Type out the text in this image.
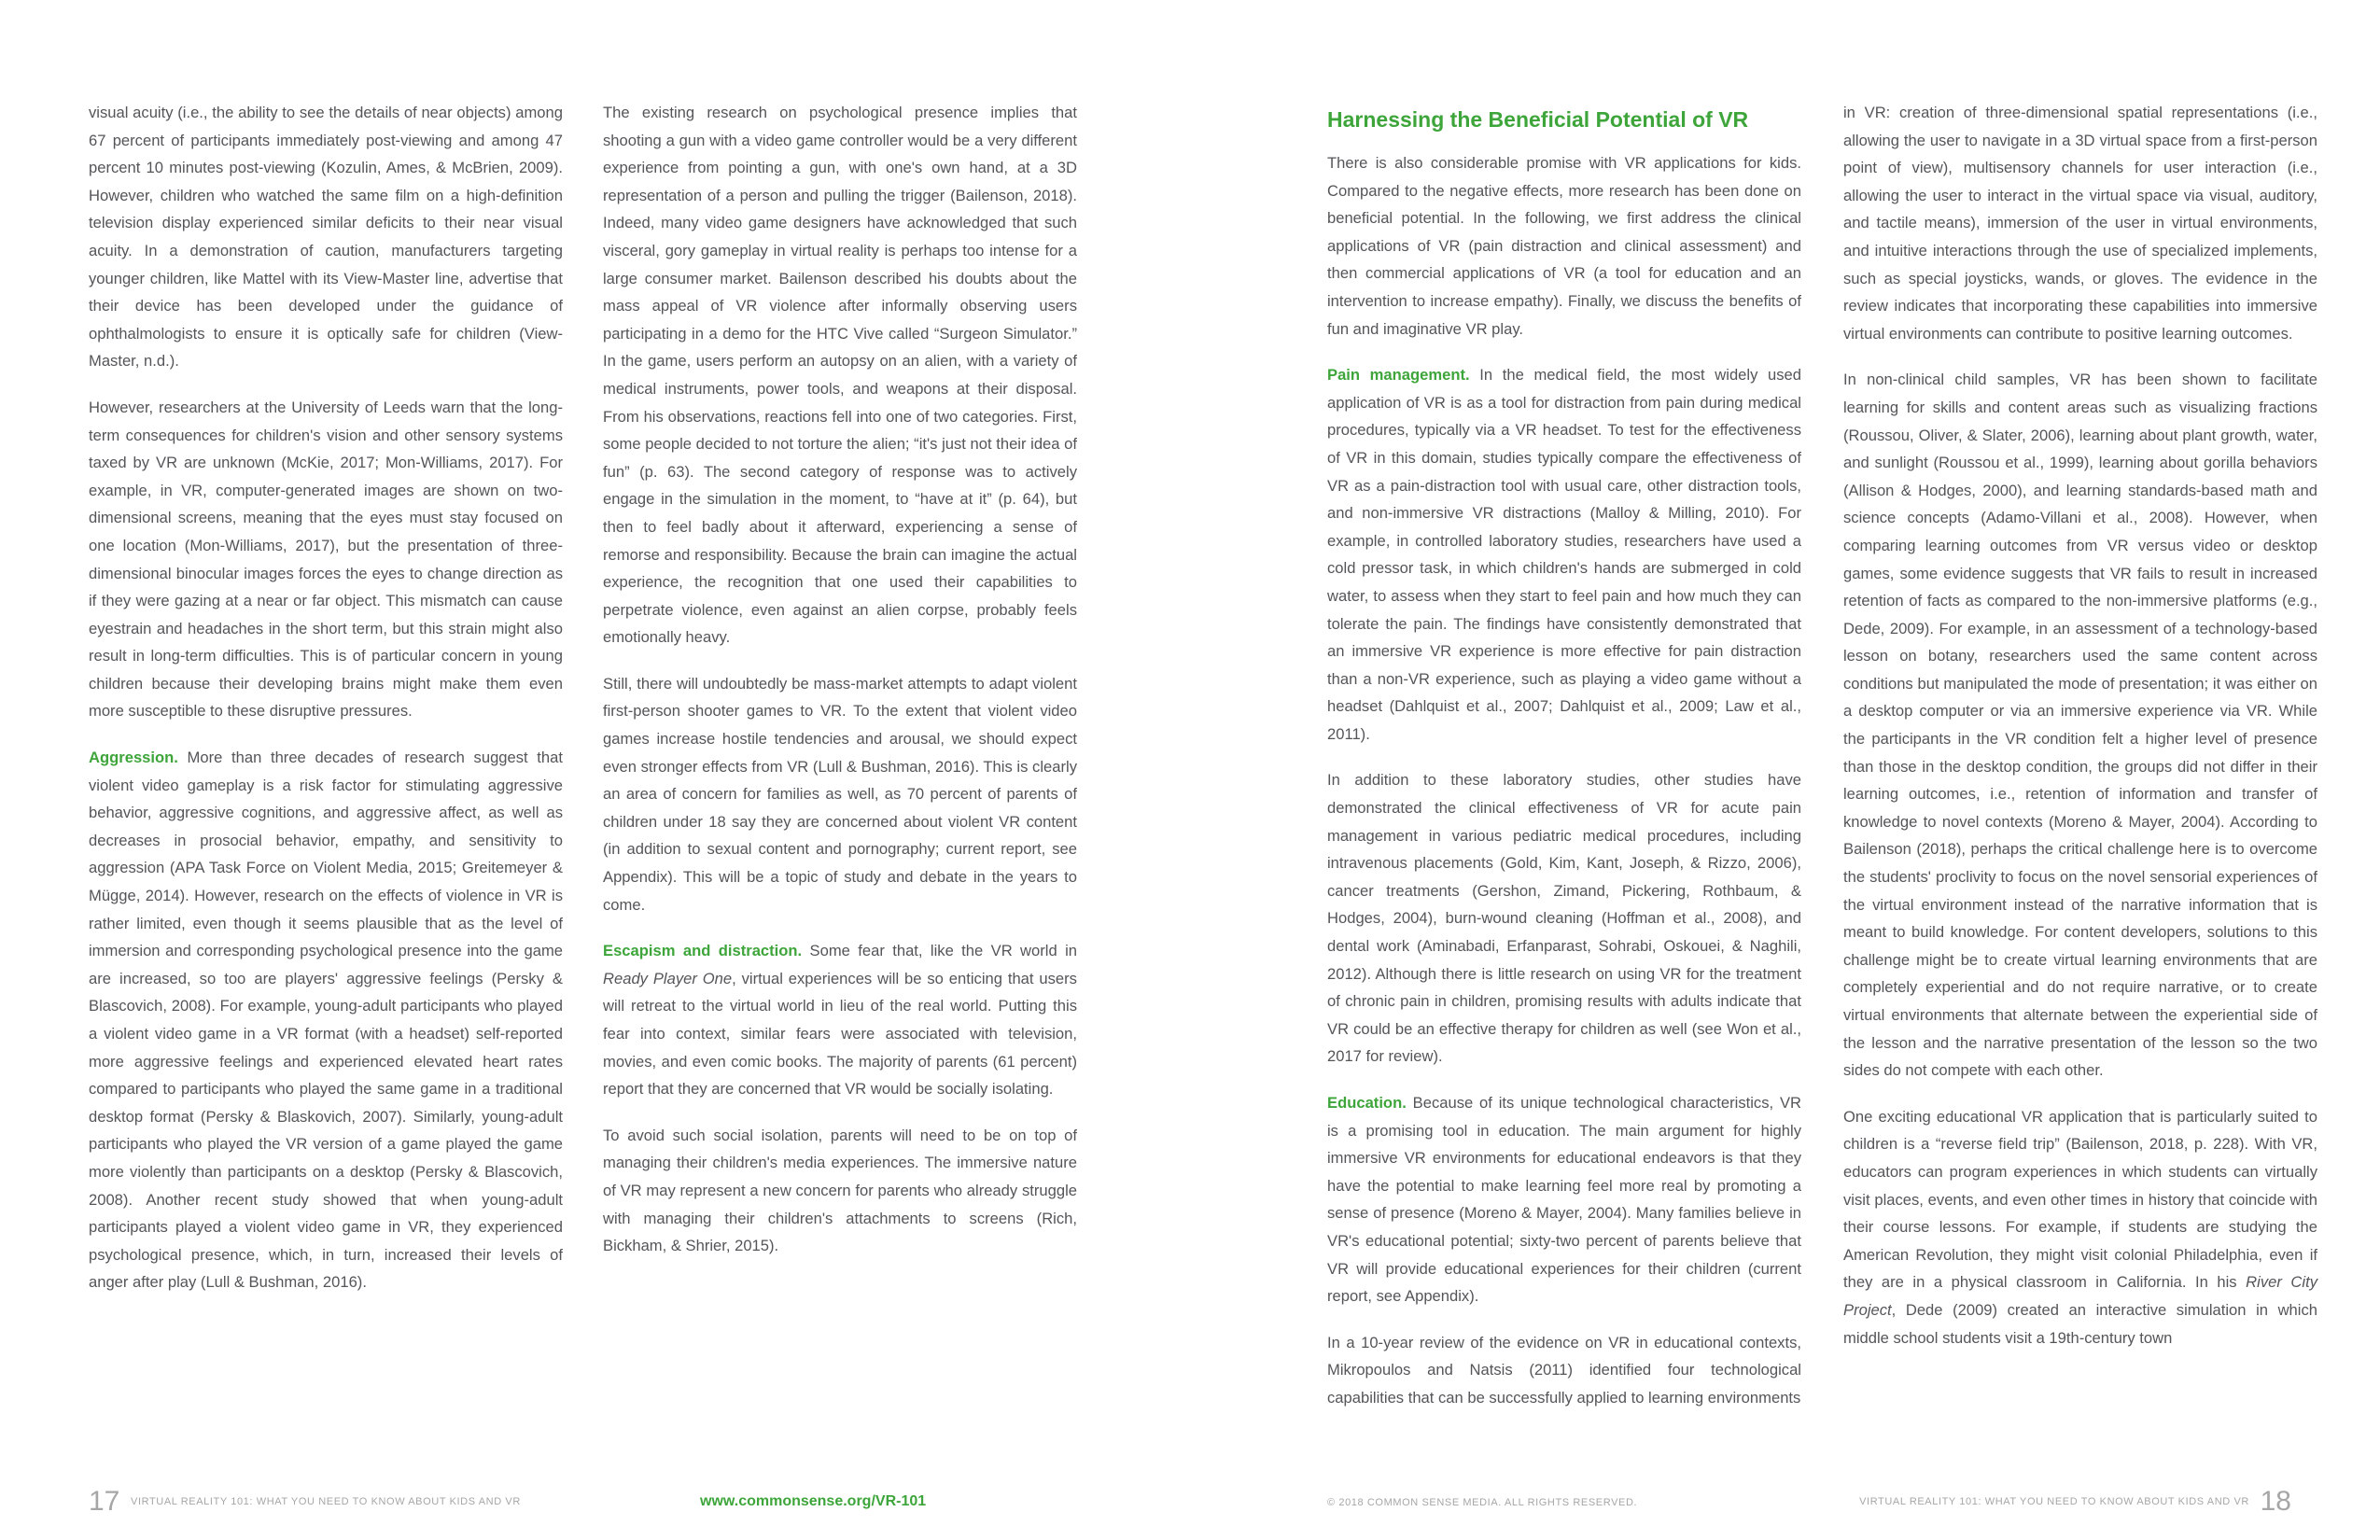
visual acuity (i.e., the ability to see the details of near objects) among 67 percent of participants immediately post-viewing and among 47 percent 10 minutes post-viewing (Kozulin, Ames, & McBrien, 2009). However, children who watched the same film on a high-definition television display experienced similar deficits to their near visual acuity. In a demonstration of caution, manufacturers targeting younger children, like Mattel with its View-Master line, advertise that their device has been developed under the guidance of ophthalmologists to ensure it is optically safe for children (View-Master, n.d.).

However, researchers at the University of Leeds warn that the long-term consequences for children's vision and other sensory systems taxed by VR are unknown (McKie, 2017; Mon-Williams, 2017). For example, in VR, computer-generated images are shown on two-dimensional screens, meaning that the eyes must stay focused on one location (Mon-Williams, 2017), but the presentation of three-dimensional binocular images forces the eyes to change direction as if they were gazing at a near or far object. This mismatch can cause eyestrain and headaches in the short term, but this strain might also result in long-term difficulties. This is of particular concern in young children because their developing brains might make them even more susceptible to these disruptive pressures.

Aggression. More than three decades of research suggest that violent video gameplay is a risk factor for stimulating aggressive behavior, aggressive cognitions, and aggressive affect, as well as decreases in prosocial behavior, empathy, and sensitivity to aggression (APA Task Force on Violent Media, 2015; Greitemeyer & Mügge, 2014). However, research on the effects of violence in VR is rather limited, even though it seems plausible that as the level of immersion and corresponding psychological presence into the game are increased, so too are players' aggressive feelings (Persky & Blascovich, 2008). For example, young-adult participants who played a violent video game in a VR format (with a headset) self-reported more aggressive feelings and experienced elevated heart rates compared to participants who played the same game in a traditional desktop format (Persky & Blaskovich, 2007). Similarly, young-adult participants who played the VR version of a game played the game more violently than participants on a desktop (Persky & Blascovich, 2008). Another recent study showed that when young-adult participants played a violent video game in VR, they experienced psychological presence, which, in turn, increased their levels of anger after play (Lull & Bushman, 2016).

The existing research on psychological presence implies that shooting a gun with a video game controller would be a very different experience from pointing a gun, with one's own hand, at a 3D representation of a person and pulling the trigger (Bailenson, 2018). Indeed, many video game designers have acknowledged that such visceral, gory gameplay in virtual reality is perhaps too intense for a large consumer market. Bailenson described his doubts about the mass appeal of VR violence after informally observing users participating in a demo for the HTC Vive called “Surgeon Simulator.” In the game, users perform an autopsy on an alien, with a variety of medical instruments, power tools, and weapons at their disposal. From his observations, reactions fell into one of two categories. First, some people decided to not torture the alien; “it's just not their idea of fun” (p. 63). The second category of response was to actively engage in the simulation in the moment, to “have at it” (p. 64), but then to feel badly about it afterward, experiencing a sense of remorse and responsibility. Because the brain can imagine the actual experience, the recognition that one used their capabilities to perpetrate violence, even against an alien corpse, probably feels emotionally heavy.

Still, there will undoubtedly be mass-market attempts to adapt violent first-person shooter games to VR. To the extent that violent video games increase hostile tendencies and arousal, we should expect even stronger effects from VR (Lull & Bushman, 2016). This is clearly an area of concern for families as well, as 70 percent of parents of children under 18 say they are concerned about violent VR content (in addition to sexual content and pornography; current report, see Appendix). This will be a topic of study and debate in the years to come.

Escapism and distraction. Some fear that, like the VR world in Ready Player One, virtual experiences will be so enticing that users will retreat to the virtual world in lieu of the real world. Putting this fear into context, similar fears were associated with television, movies, and even comic books. The majority of parents (61 percent) report that they are concerned that VR would be socially isolating.

To avoid such social isolation, parents will need to be on top of managing their children's media experiences. The immersive nature of VR may represent a new concern for parents who already struggle with managing their children's attachments to screens (Rich, Bickham, & Shrier, 2015).

Harnessing the Beneficial Potential of VR

There is also considerable promise with VR applications for kids. Compared to the negative effects, more research has been done on beneficial potential. In the following, we first address the clinical applications of VR (pain distraction and clinical assessment) and then commercial applications of VR (a tool for education and an intervention to increase empathy). Finally, we discuss the benefits of fun and imaginative VR play.

Pain management. In the medical field, the most widely used application of VR is as a tool for distraction from pain during medical procedures, typically via a VR headset. To test for the effectiveness of VR in this domain, studies typically compare the effectiveness of VR as a pain-distraction tool with usual care, other distraction tools, and non-immersive VR distractions (Malloy & Milling, 2010). For example, in controlled laboratory studies, researchers have used a cold pressor task, in which children's hands are submerged in cold water, to assess when they start to feel pain and how much they can tolerate the pain. The findings have consistently demonstrated that an immersive VR experience is more effective for pain distraction than a non-VR experience, such as playing a video game without a headset (Dahlquist et al., 2007; Dahlquist et al., 2009; Law et al., 2011).

In addition to these laboratory studies, other studies have demonstrated the clinical effectiveness of VR for acute pain management in various pediatric medical procedures, including intravenous placements (Gold, Kim, Kant, Joseph, & Rizzo, 2006), cancer treatments (Gershon, Zimand, Pickering, Rothbaum, & Hodges, 2004), burn-wound cleaning (Hoffman et al., 2008), and dental work (Aminabadi, Erfanparast, Sohrabi, Oskouei, & Naghili, 2012). Although there is little research on using VR for the treatment of chronic pain in children, promising results with adults indicate that VR could be an effective therapy for children as well (see Won et al., 2017 for review).

Education. Because of its unique technological characteristics, VR is a promising tool in education. The main argument for highly immersive VR environments for educational endeavors is that they have the potential to make learning feel more real by promoting a sense of presence (Moreno & Mayer, 2004). Many families believe in VR's educational potential; sixty-two percent of parents believe that VR will provide educational experiences for their children (current report, see Appendix).

In a 10-year review of the evidence on VR in educational contexts, Mikropoulos and Natsis (2011) identified four technological capabilities that can be successfully applied to learning environments

in VR: creation of three-dimensional spatial representations (i.e., allowing the user to navigate in a 3D virtual space from a first-person point of view), multisensory channels for user interaction (i.e., allowing the user to interact in the virtual space via visual, auditory, and tactile means), immersion of the user in virtual environments, and intuitive interactions through the use of specialized implements, such as special joysticks, wands, or gloves. The evidence in the review indicates that incorporating these capabilities into immersive virtual environments can contribute to positive learning outcomes.

In non-clinical child samples, VR has been shown to facilitate learning for skills and content areas such as visualizing fractions (Roussou, Oliver, & Slater, 2006), learning about plant growth, water, and sunlight (Roussou et al., 1999), learning about gorilla behaviors (Allison & Hodges, 2000), and learning standards-based math and science concepts (Adamo-Villani et al., 2008). However, when comparing learning outcomes from VR versus video or desktop games, some evidence suggests that VR fails to result in increased retention of facts as compared to the non-immersive platforms (e.g., Dede, 2009). For example, in an assessment of a technology-based lesson on botany, researchers used the same content across conditions but manipulated the mode of presentation; it was either on a desktop computer or via an immersive experience via VR. While the participants in the VR condition felt a higher level of presence than those in the desktop condition, the groups did not differ in their learning outcomes, i.e., retention of information and transfer of knowledge to novel contexts (Moreno & Mayer, 2004). According to Bailenson (2018), perhaps the critical challenge here is to overcome the students' proclivity to focus on the novel sensorial experiences of the virtual environment instead of the narrative information that is meant to build knowledge. For content developers, solutions to this challenge might be to create virtual learning environments that are completely experiential and do not require narrative, or to create virtual environments that alternate between the experiential side of the lesson and the narrative presentation of the lesson so the two sides do not compete with each other.

One exciting educational VR application that is particularly suited to children is a “reverse field trip” (Bailenson, 2018, p. 228). With VR, educators can program experiences in which students can virtually visit places, events, and even other times in history that coincide with their course lessons. For example, if students are studying the American Revolution, they might visit colonial Philadelphia, even if they are in a physical classroom in California. In his River City Project, Dede (2009) created an interactive simulation in which middle school students visit a 19th-century town

17 VIRTUAL REALITY 101: WHAT YOU NEED TO KNOW ABOUT KIDS AND VR	www.commonsense.org/VR-101	© 2018 COMMON SENSE MEDIA. ALL RIGHTS RESERVED.	VIRTUAL REALITY 101: WHAT YOU NEED TO KNOW ABOUT KIDS AND VR 18
